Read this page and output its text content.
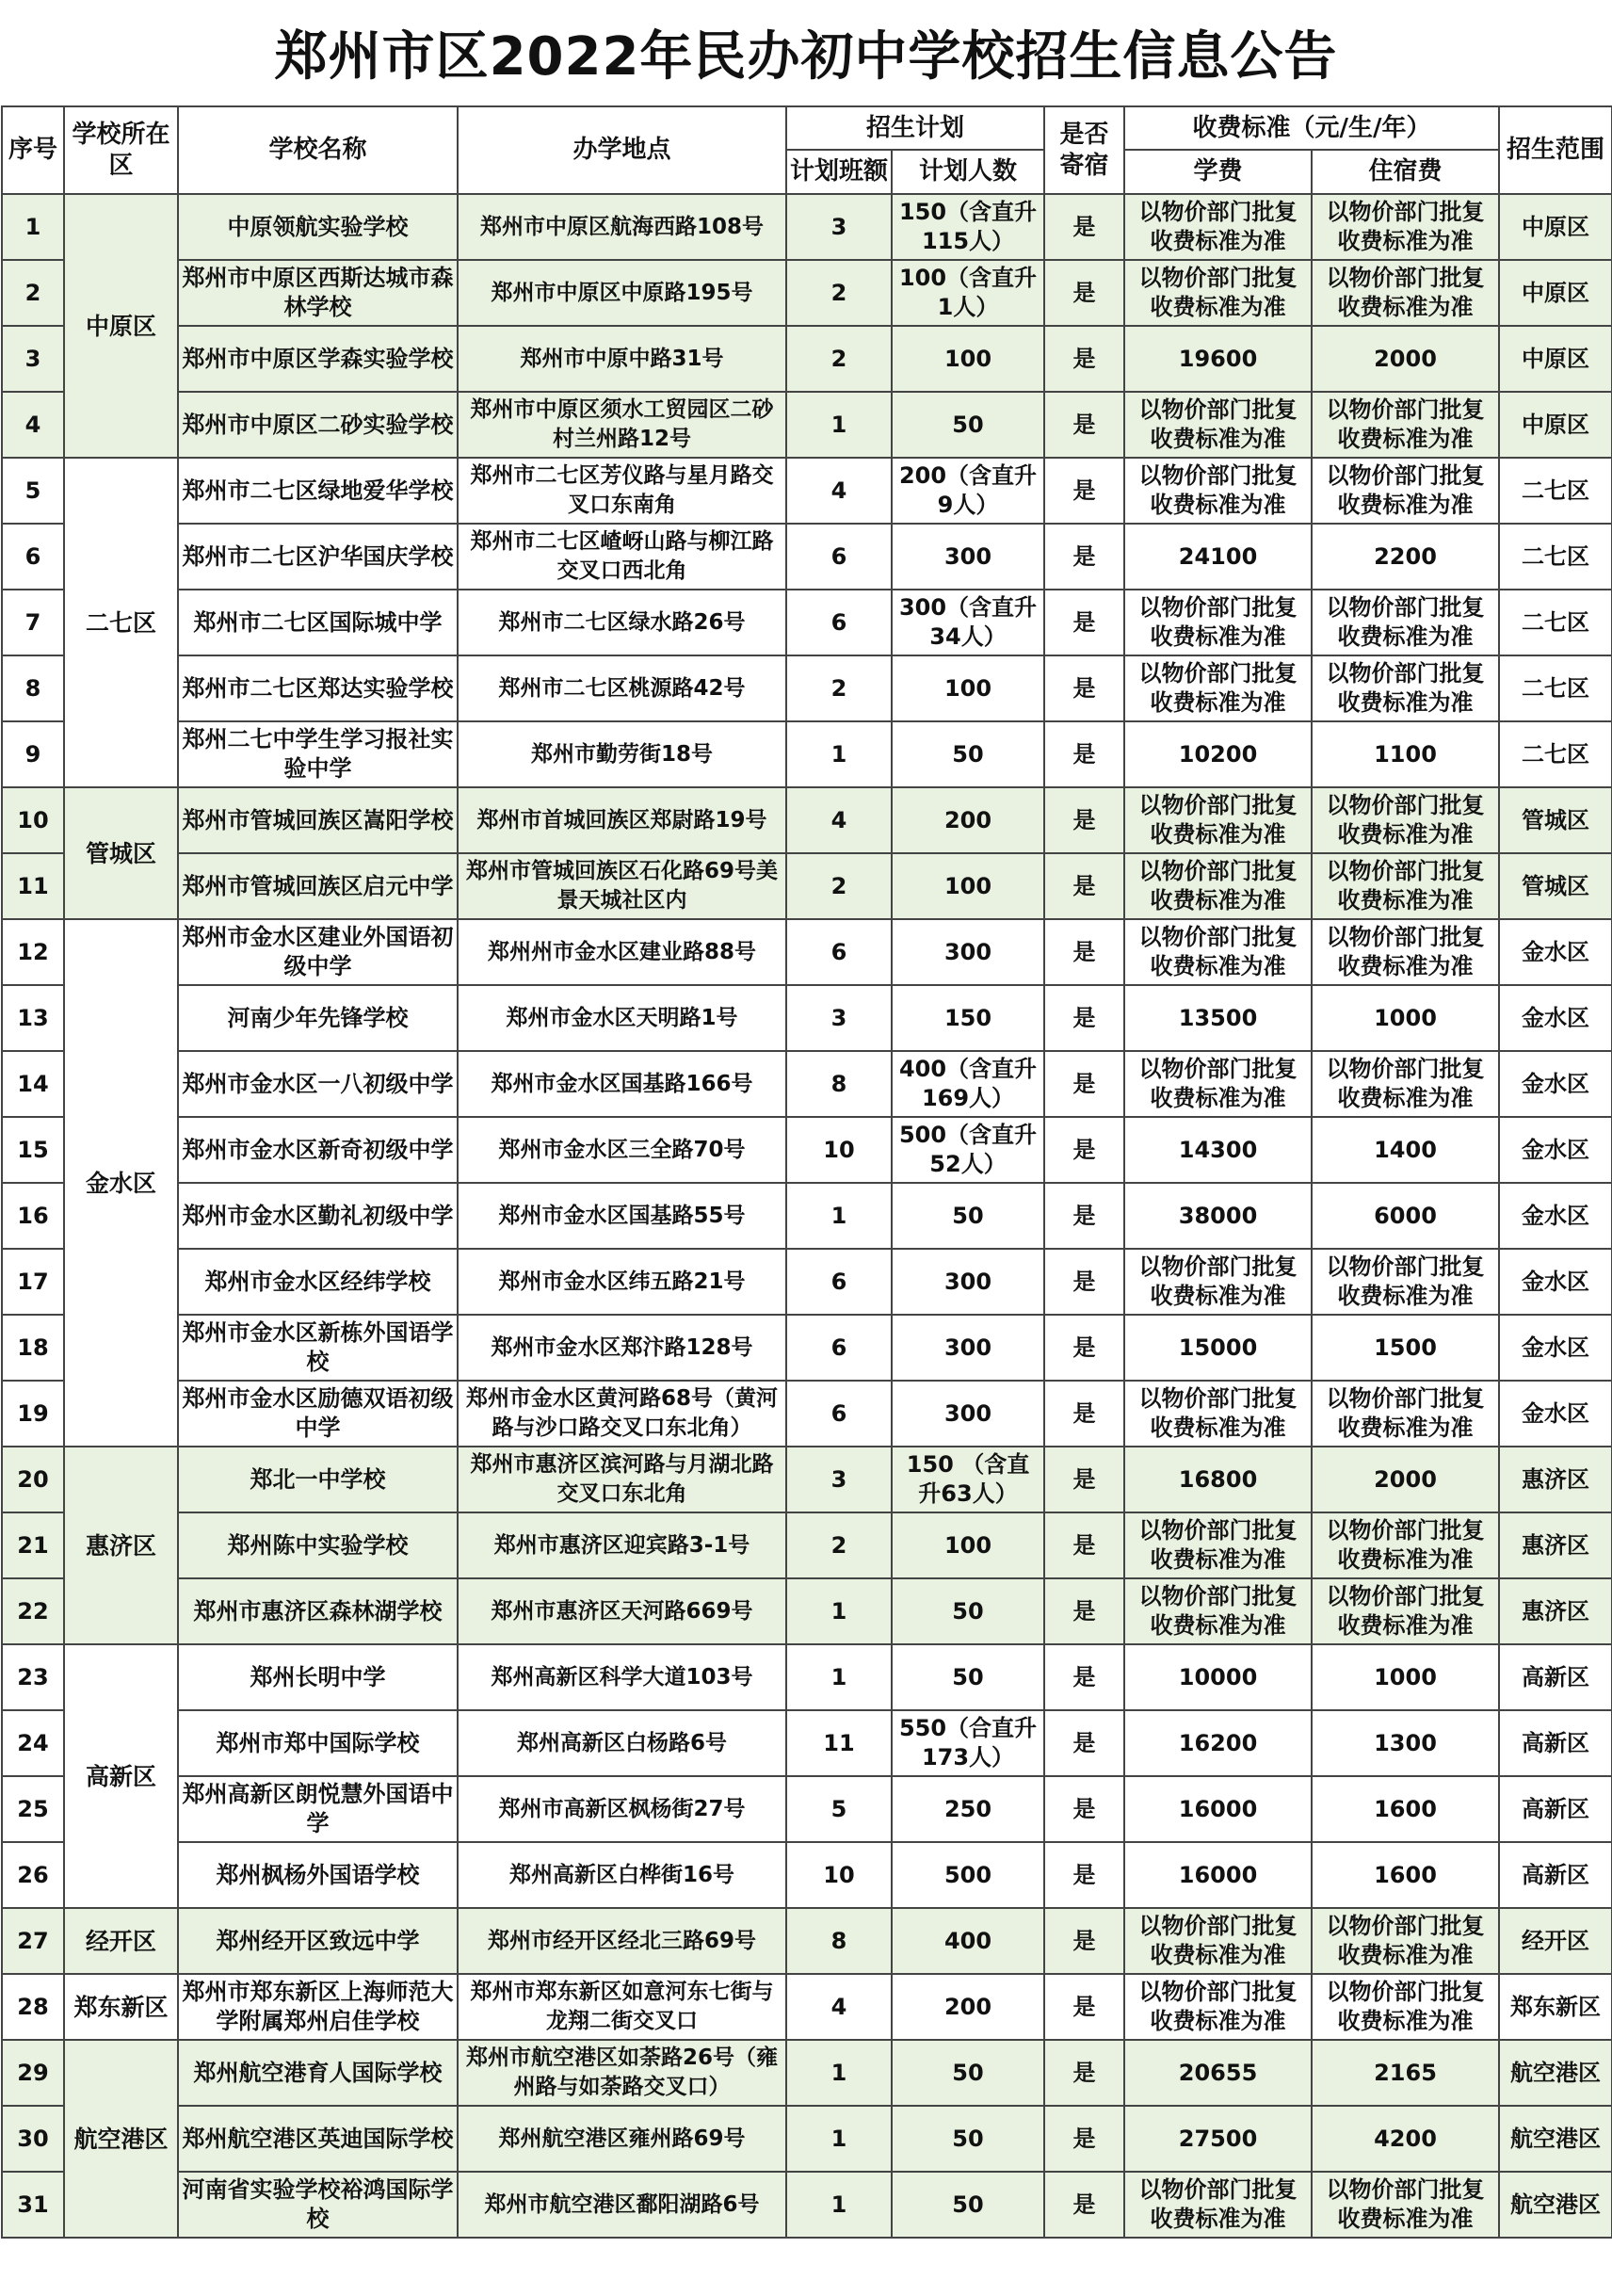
郑州市区2022年民办初中学校招生信息公告
序号	学校所在区	学校名称	办学地点	招生计划		是否寄宿	收费标准（元/生/年）		招生范围
				计划班额	计划人数		学费	住宿费	
1	中原区	中原领航实验学校	郑州市中原区航海西路108号	3	150（含直升115人）	是	以物价部门批复收费标准为准	以物价部门批复收费标准为准	中原区
2		郑州市中原区西斯达城市森林学校	郑州市中原区中原路195号	2	100（含直升1人）	是	以物价部门批复收费标准为准	以物价部门批复收费标准为准	中原区
3		郑州市中原区学森实验学校	郑州市中原中路31号	2	100	是	19600	2000	中原区
4		郑州市中原区二砂实验学校	郑州市中原区须水工贸园区二砂村兰州路12号	1	50	是	以物价部门批复收费标准为准	以物价部门批复收费标准为准	中原区
5	二七区	郑州市二七区绿地爱华学校	郑州市二七区芳仪路与星月路交叉口东南角	4	200（含直升9人）	是	以物价部门批复收费标准为准	以物价部门批复收费标准为准	二七区
6		郑州市二七区沪华国庆学校	郑州市二七区嵖岈山路与柳江路交叉口西北角	6	300	是	24100	2200	二七区
7		郑州市二七区国际城中学	郑州市二七区绿水路26号	6	300（含直升34人）	是	以物价部门批复收费标准为准	以物价部门批复收费标准为准	二七区
8		郑州市二七区郑达实验学校	郑州市二七区桃源路42号	2	100	是	以物价部门批复收费标准为准	以物价部门批复收费标准为准	二七区
9		郑州二七中学生学习报社实验中学	郑州市勤劳街18号	1	50	是	10200	1100	二七区
10	管城区	郑州市管城回族区嵩阳学校	郑州市首城回族区郑尉路19号	4	200	是	以物价部门批复收费标准为准	以物价部门批复收费标准为准	管城区
11		郑州市管城回族区启元中学	郑州市管城回族区石化路69号美景天城社区内	2	100	是	以物价部门批复收费标准为准	以物价部门批复收费标准为准	管城区
12	金水区	郑州市金水区建业外国语初级中学	郑州州市金水区建业路88号	6	300	是	以物价部门批复收费标准为准	以物价部门批复收费标准为准	金水区
13		河南少年先锋学校	郑州市金水区天明路1号	3	150	是	13500	1000	金水区
14		郑州市金水区一八初级中学	郑州市金水区国基路166号	8	400（含直升169人）	是	以物价部门批复收费标准为准	以物价部门批复收费标准为准	金水区
15		郑州市金水区新奇初级中学	郑州市金水区三全路70号	10	500（含直升52人）	是	14300	1400	金水区
16		郑州市金水区勤礼初级中学	郑州市金水区国基路55号	1	50	是	38000	6000	金水区
17		郑州市金水区经纬学校	郑州市金水区纬五路21号	6	300	是	以物价部门批复收费标准为准	以物价部门批复收费标准为准	金水区
18		郑州市金水区新栋外国语学校	郑州市金水区郑汴路128号	6	300	是	15000	1500	金水区
19		郑州市金水区励德双语初级中学	郑州市金水区黄河路68号（黄河路与沙口路交叉口东北角）	6	300	是	以物价部门批复收费标准为准	以物价部门批复收费标准为准	金水区
20	惠济区	郑北一中学校	郑州市惠济区滨河路与月湖北路交叉口东北角	3	150 （含直升63人）	是	16800	2000	惠济区
21		郑州陈中实验学校	郑州市惠济区迎宾路3-1号	2	100	是	以物价部门批复收费标准为准	以物价部门批复收费标准为准	惠济区
22		郑州市惠济区森林湖学校	郑州市惠济区天河路669号	1	50	是	以物价部门批复收费标准为准	以物价部门批复收费标准为准	惠济区
23	高新区	郑州长明中学	郑州高新区科学大道103号	1	50	是	10000	1000	高新区
24		郑州市郑中国际学校	郑州高新区白杨路6号	11	550（合直升173人）	是	16200	1300	高新区
25		郑州高新区朗悦慧外国语中学	郑州市高新区枫杨街27号	5	250	是	16000	1600	高新区
26		郑州枫杨外国语学校	郑州高新区白桦街16号	10	500	是	16000	1600	高新区
27	经开区	郑州经开区致远中学	郑州市经开区经北三路69号	8	400	是	以物价部门批复收费标准为准	以物价部门批复收费标准为准	经开区
28	郑东新区	郑州市郑东新区上海师范大学附属郑州启佳学校	郑州市郑东新区如意河东七街与龙翔二街交叉口	4	200	是	以物价部门批复收费标准为准	以物价部门批复收费标准为准	郑东新区
29	航空港区	郑州航空港育人国际学校	郑州市航空港区如荼路26号（雍州路与如荼路交叉口）	1	50	是	20655	2165	航空港区
30		郑州航空港区英迪国际学校	郑州航空港区雍州路69号	1	50	是	27500	4200	航空港区
31		河南省实验学校裕鸿国际学校	郑州市航空港区鄱阳湖路6号	1	50	是	以物价部门批复收费标准为准	以物价部门批复收费标准为准	航空港区
